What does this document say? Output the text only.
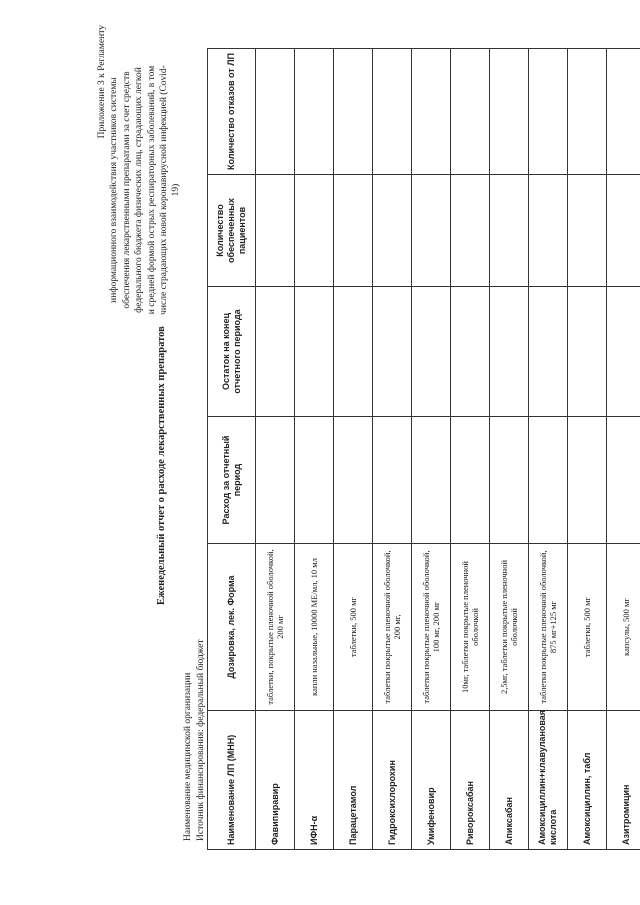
Приложение 3 к Регламенту информационного взаимодействия участников системы обеспечения лекарственными препаратами за счет средств федерального бюджета физических лиц, страдающих легкой и средней формой острых респираторных заболеваний, в том числе страдающих новой коронавирусной инфекцией (Covid- 19)
Еженедельный отчет о расходе лекарственных препаратов
Наименование медицинской организации Источник финансирования: федеральный бюджет Наименование ЛП (МНН)	Дозировка, лек. Форма	Расход за отчетный период	Остаток на конец отчетного периода	Количество обеспеченных пациентов	Количество отказов от ЛП
Фавипиравир	таблетки, покрытые пленочной оболочкой, 200 мг				
ИФН-α	капли назальные, 10000 МЕ/мл, 10 мл				
Парацетамол	таблетки, 500 мг				
Гидроксихлорохин	таблетки покрытые пленочной оболочкой, 200 мг,				
Умифеновир	таблетки покрытые пленочной оболочкой, 100 мг, 200 мг				
Ривороксабан	10мг, таблетки покрытые пленочной оболочкой				
Апиксабан	2,5мг, таблетки покрытые пленочной оболочкой				
Амоксициллин+клавулановая кислота	таблетки покрытые пленочной оболочкой, 875 мг+125 мг				
Амоксициллин, табл	таблетки, 500 мг				
Азитромицин	капсулы, 500 мг				
